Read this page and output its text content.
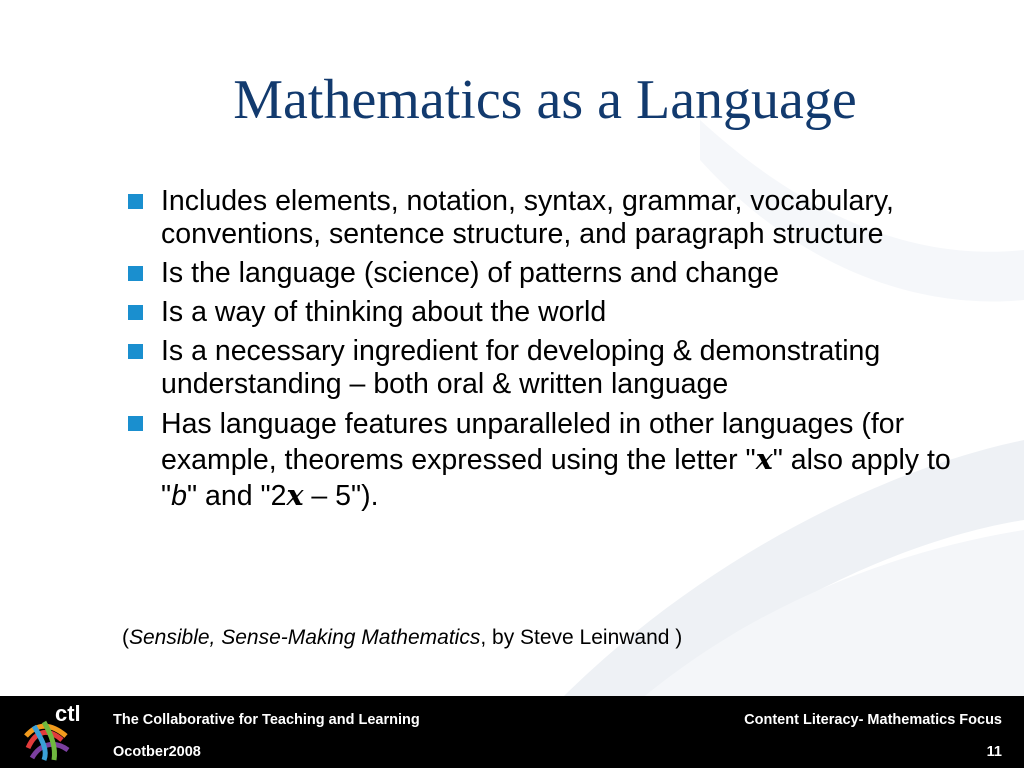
Mathematics as a Language
Includes elements, notation, syntax, grammar, vocabulary, conventions, sentence structure, and paragraph structure
Is the language (science) of patterns and change
Is a way of thinking about the world
Is a necessary ingredient for developing & demonstrating understanding – both oral & written language
Has language features unparalleled in other languages (for example, theorems expressed using the letter "x" also apply to "b" and "2x – 5").
(Sensible, Sense-Making Mathematics, by Steve Leinwand )
ctl The Collaborative for Teaching and Learning
Ocotber2008
Content Literacy- Mathematics Focus
11
